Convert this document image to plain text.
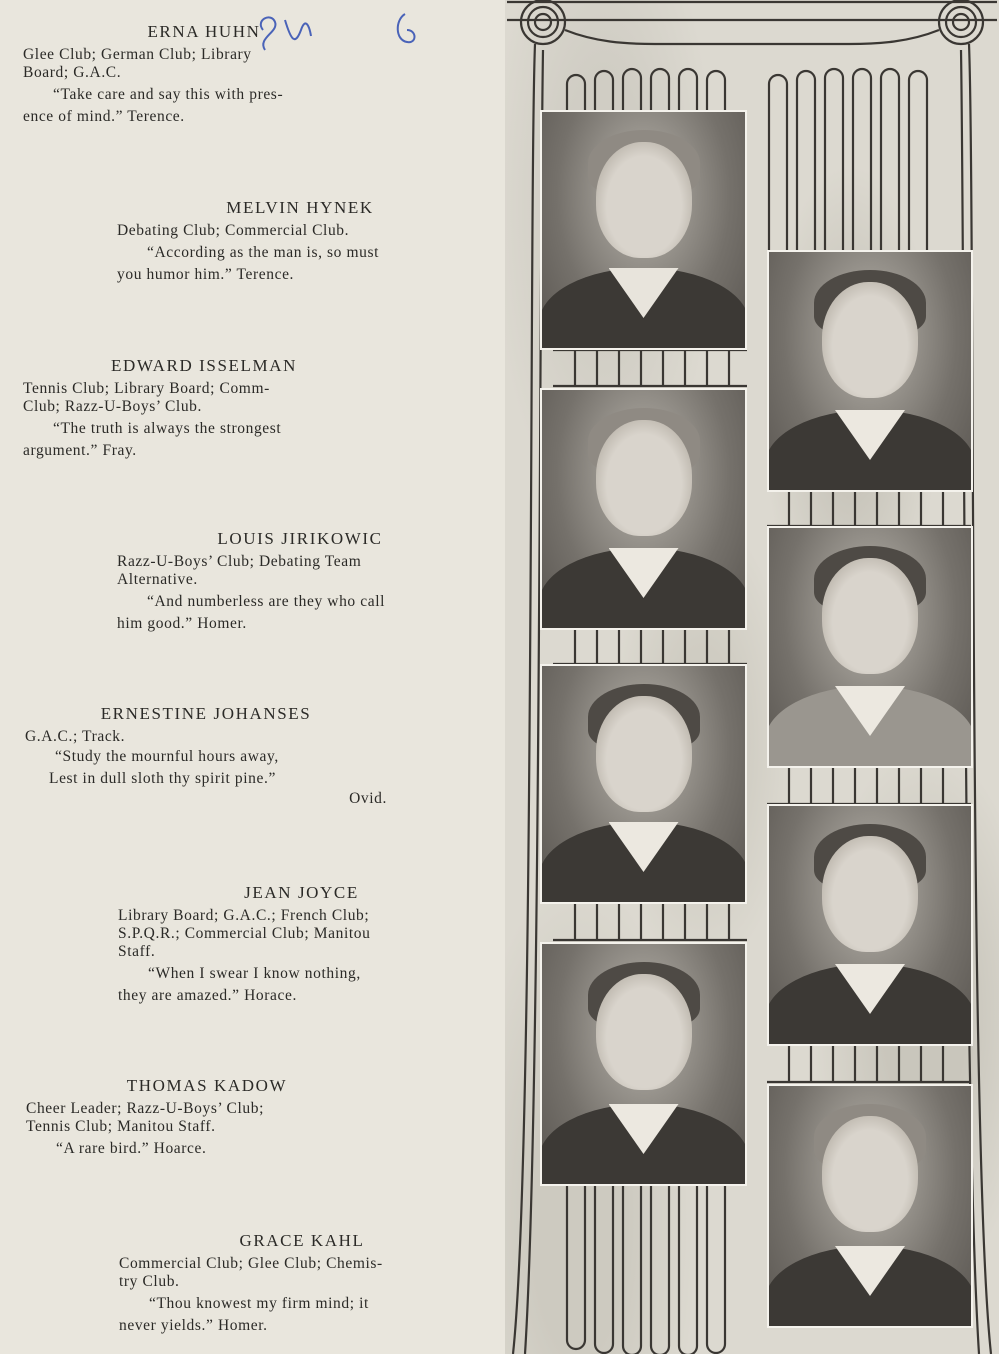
ERNA HUHN

Glee Club; German Club; Library

Board; G.A.C.

“Take care and say this with pres-

ence of mind.” Terence.

MELVIN HYNEK

Debating Club; Commercial Club.

“According as the man is, so must

you humor him.” Terence.

EDWARD ISSELMAN

Tennis Club; Library Board; Comm-

Club; Razz-U-Boys’ Club.

“The truth is always the strongest

argument.” Fray.

LOUIS JIRIKOWIC

Razz-U-Boys’ Club; Debating Team

Alternative.

“And numberless are they who call

him good.” Homer.

ERNESTINE JOHANSES

G.A.C.; Track.

“Study the mournful hours away,

Lest in dull sloth thy spirit pine.”

Ovid.

JEAN JOYCE

Library Board; G.A.C.; French Club;

S.P.Q.R.; Commercial Club; Manitou

Staff.

“When I swear I know nothing,

they are amazed.” Horace.

THOMAS KADOW

Cheer Leader; Razz-U-Boys’ Club;

Tennis Club; Manitou Staff.

“A rare bird.” Hoarce.

GRACE KAHL

Commercial Club; Glee Club; Chemis-

try Club.

“Thou knowest my firm mind; it

never yields.” Homer.
